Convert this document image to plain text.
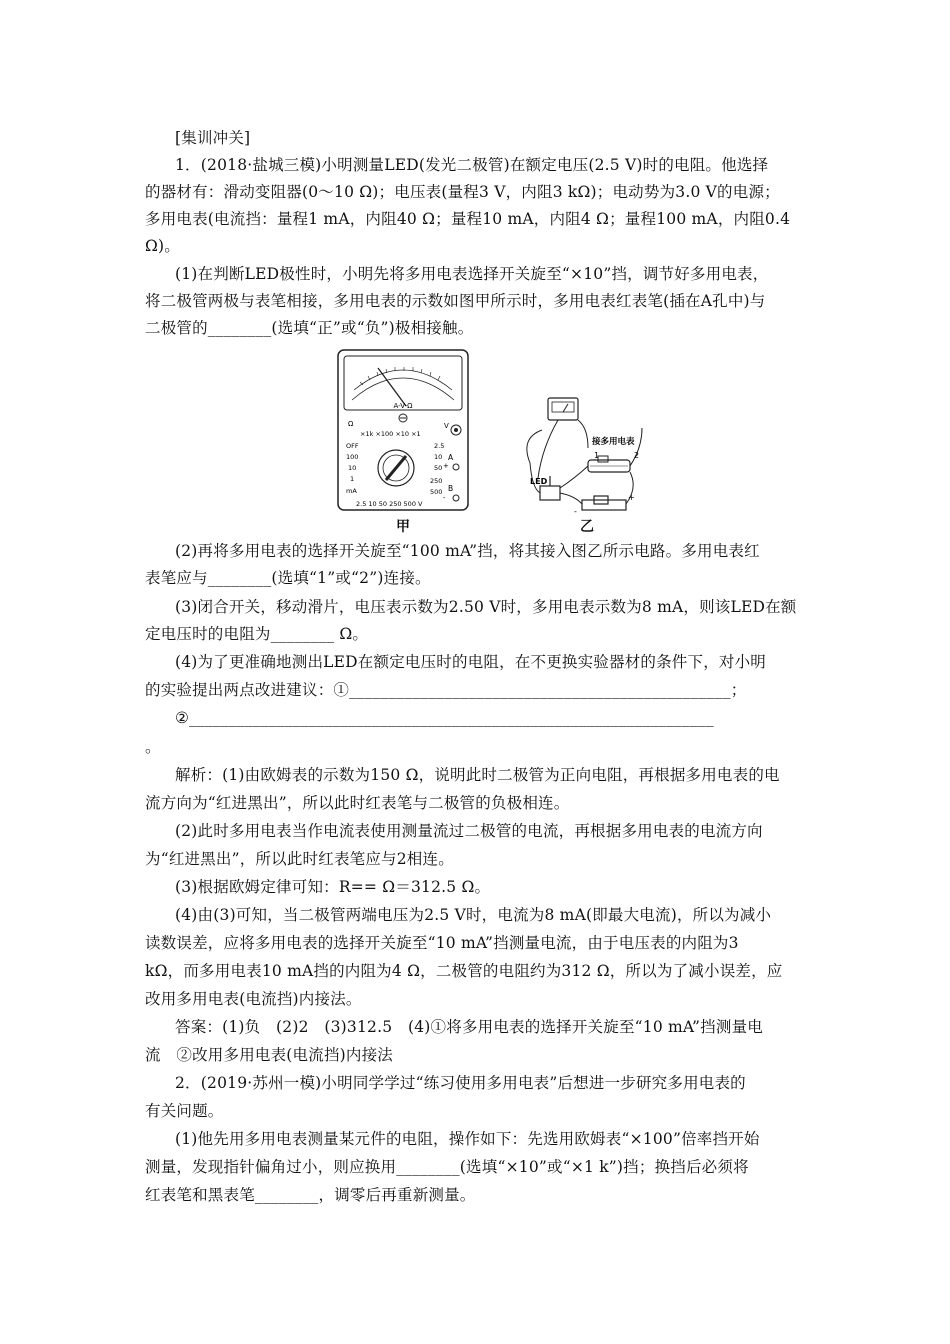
[集训冲关]
1．(2018·盐城三模)小明测量LED(发光二极管)在额定电压(2.5 V)时的电阻。他选择
的器材有：滑动变阻器(0～10 Ω)；电压表(量程3 V，内阻3 kΩ)；电动势为3.0 V的电源；
多用电表(电流挡：量程1 mA，内阻40 Ω；量程10 mA，内阻4 Ω；量程100 mA，内阻0.4
Ω)。
(1)在判断LED极性时，小明先将多用电表选择开关旋至“×10”挡，调节好多用电表，
将二极管两极与表笔相接，多用电表的示数如图甲所示时，多用电表红表笔(插在A孔中)与
二极管的________(选填“正”或“负”)极相接触。
A-V-Ω
Ω
×1k ×100 ×10 ×1
V
OFF
100
10
1
mA
2.5
10
50
250
500
2.5 10 50 250 500 V
A
+
B
-
接多用电表
1	2
LED
+
-
甲	乙
(2)再将多用电表的选择开关旋至“100 mA”挡，将其接入图乙所示电路。多用电表红
表笔应与________(选填“1”或“2”)连接。
(3)闭合开关，移动滑片，电压表示数为2.50 V时，多用电表示数为8 mA，则该LED在额
定电压时的电阻为________ Ω。
(4)为了更准确地测出LED在额定电压时的电阻，在不更换实验器材的条件下，对小明
的实验提出两点改进建议：①________________________________________________；
②__________________________________________________________________
。
解析：(1)由欧姆表的示数为150 Ω，说明此时二极管为正向电阻，再根据多用电表的电
流方向为“红进黑出”，所以此时红表笔与二极管的负极相连。
(2)此时多用电表当作电流表使用测量流过二极管的电流，再根据多用电表的电流方向
为“红进黑出”，所以此时红表笔应与2相连。
(3)根据欧姆定律可知：R== Ω＝312.5 Ω。
(4)由(3)可知，当二极管两端电压为2.5 V时，电流为8 mA(即最大电流)，所以为减小
读数误差，应将多用电表的选择开关旋至“10 mA”挡测量电流，由于电压表的内阻为3
kΩ，而多用电表10 mA挡的内阻为4 Ω，二极管的电阻约为312 Ω，所以为了减小误差，应
改用多用电表(电流挡)内接法。
答案：(1)负　(2)2　(3)312.5　(4)①将多用电表的选择开关旋至“10 mA”挡测量电
流　②改用多用电表(电流挡)内接法
2．(2019·苏州一模)小明同学学过“练习使用多用电表”后想进一步研究多用电表的
有关问题。
(1)他先用多用电表测量某元件的电阻，操作如下：先选用欧姆表“×100”倍率挡开始
测量，发现指针偏角过小，则应换用________(选填“×10”或“×1 k”)挡；换挡后必须将
红表笔和黑表笔________，调零后再重新测量。
